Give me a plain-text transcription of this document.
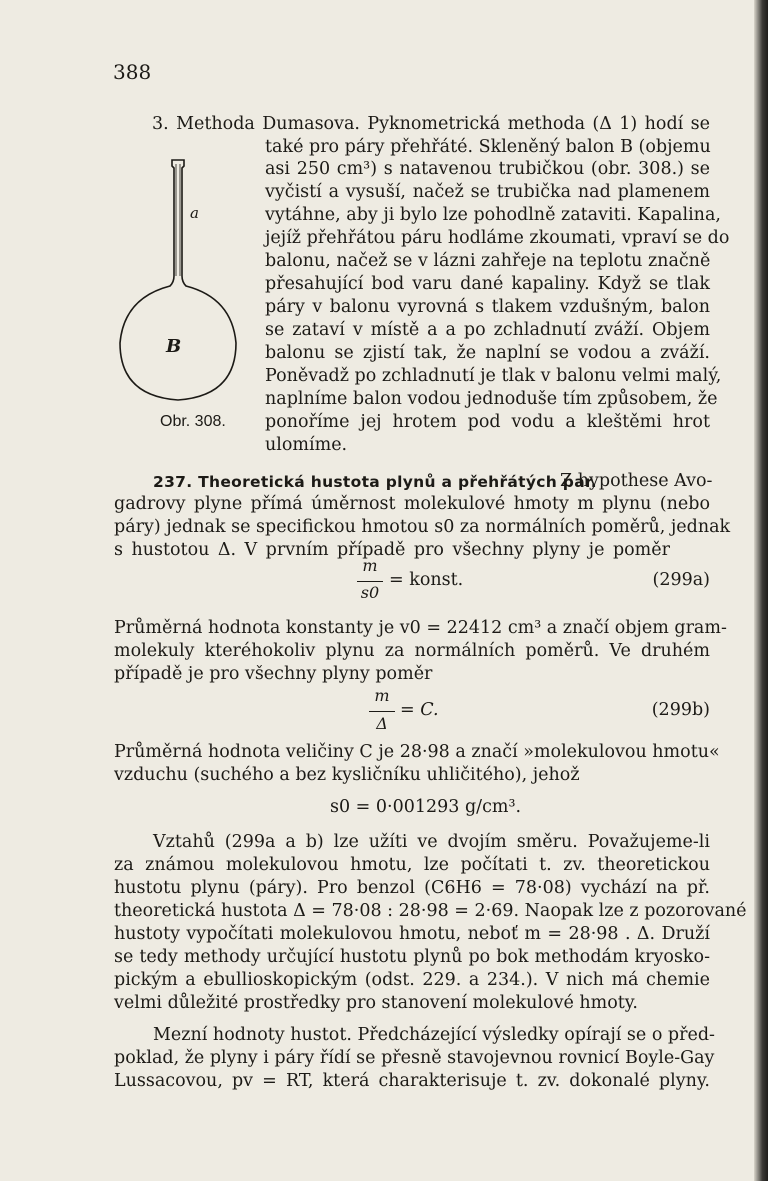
388
a
B
Obr. 308.
3. Methoda Dumasova. Pyknometrická methoda (Δ 1) hodí se
také pro páry přehřáté. Skleněný balon B (objemu
asi 250 cm³) s natavenou trubičkou (obr. 308.) se
vyčistí a vysuší, načež se trubička nad plamenem
vytáhne, aby ji bylo lze pohodlně zataviti. Kapalina,
jejíž přehřátou páru hodláme zkoumati, vpraví se do
balonu, načež se v lázni zahřeje na teplotu značně
přesahující bod varu dané kapaliny. Když se tlak
páry v balonu vyrovná s tlakem vzdušným, balon
se zataví v místě a a po zchladnutí zváží. Objem
balonu se zjistí tak, že naplní se vodou a zváží.
Poněvadž po zchladnutí je tlak v balonu velmi malý,
naplníme balon vodou jednoduše tím způsobem, že
ponoříme jej hrotem pod vodu a kleštěmi hrot
ulomíme.
237. Theoretická hustota plynů a přehřátých par.
Z hypothese Avo-
gadrovy plyne přímá úměrnost molekulové hmoty m plynu (nebo
páry) jednak se specifickou hmotou s0 za normálních poměrů, jednak
s hustotou Δ. V prvním případě pro všechny plyny je poměr
m
s0
= konst.	(299a)
Průměrná hodnota konstanty je v0 = 22412 cm³ a značí objem gram-
molekuly kteréhokoliv plynu za normálních poměrů. Ve druhém
případě je pro všechny plyny poměr
m
Δ
= C.	(299b)
Průměrná hodnota veličiny C je 28·98 a značí »molekulovou hmotu«
vzduchu (suchého a bez kysličníku uhličitého), jehož
s0 = 0·001293 g/cm³.
Vztahů (299a a b) lze užíti ve dvojím směru. Považujeme-li
za známou molekulovou hmotu, lze počítati t. zv. theoretickou
hustotu plynu (páry). Pro benzol (C6H6 = 78·08) vychází na př.
theoretická hustota Δ = 78·08 : 28·98 = 2·69. Naopak lze z pozorované
hustoty vypočítati molekulovou hmotu, neboť m = 28·98 . Δ. Druží
se tedy methody určující hustotu plynů po bok methodám kryosko-
pickým a ebullioskopickým (odst. 229. a 234.). V nich má chemie
velmi důležité prostředky pro stanovení molekulové hmoty.
Mezní hodnoty hustot. Předcházející výsledky opírají se o před-
poklad, že plyny i páry řídí se přesně stavojevnou rovnicí Boyle-Gay
Lussacovou, pv = RT, která charakterisuje t. zv. dokonalé plyny.
